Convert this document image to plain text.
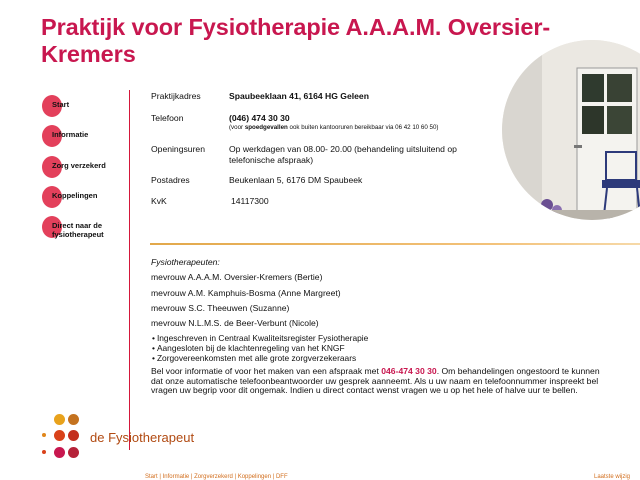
Praktijk voor Fysiotherapie A.A.A.M. Oversier-Kremers
Start
Informatie
Zorg verzekerd
Koppelingen
Direct naar de fysiotherapeut
Praktijkadres	Spaubeeklaan 41, 6164 HG Geleen
Telefoon	(046) 474 30 30
(voor spoedgevallen ook buiten kantooruren bereikbaar via 06 42 10 60 50)
Openingsuren	Op werkdagen van 08.00- 20.00 (behandeling uitsluitend op
telefonische afspraak)
Postadres	Beukenlaan 5, 6176 DM Spaubeek
KvK	14117300
Fysiotherapeuten:
mevrouw A.A.A.M. Oversier-Kremers (Bertie)
mevrouw A.M. Kamphuis-Bosma (Anne Margreet)
mevrouw S.C. Theeuwen (Suzanne)
mevrouw N.L.M.S. de Beer-Verbunt (Nicole)
• Ingeschreven in Centraal Kwaliteitsregister Fysiotherapie
• Aangesloten bij de klachtenregeling van het KNGF
• Zorgovereenkomsten met alle grote zorgverzekeraars
Bel voor informatie of voor het maken van een afspraak met 046-474 30 30. Om behandelingen ongestoord te kunnen
dat onze automatische telefoonbeantwoorder uw gesprek aanneemt. Als u uw naam en telefoonnummer inspreekt bel
vragen uw begrip voor dit ongemak. Indien u direct contact wenst vragen we u op het hele of halve uur te bellen.
de Fysiotherapeut
Start | Informatie | Zorgverzekerd | Koppelingen | DFF	Laatste wijzig
